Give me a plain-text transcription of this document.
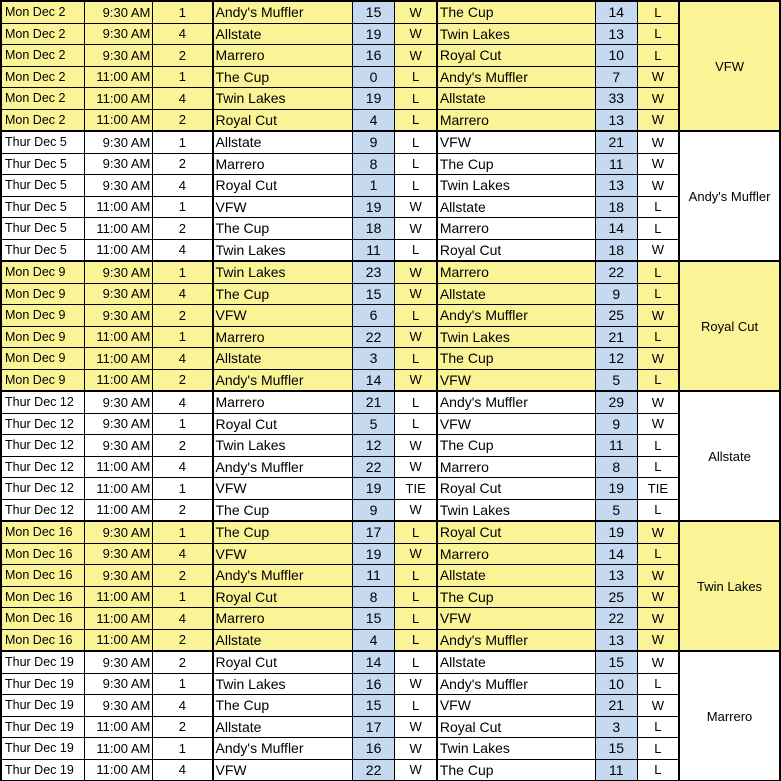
Mon Dec 2	9:30 AM	1	Andy's Muffler	15	W	The Cup	14	L	VFW
Mon Dec 2	9:30 AM	4	Allstate	19	W	Twin Lakes	13	L	
Mon Dec 2	9:30 AM	2	Marrero	16	W	Royal Cut	10	L	
Mon Dec 2	11:00 AM	1	The Cup	0	L	Andy's Muffler	7	W	
Mon Dec 2	11:00 AM	4	Twin Lakes	19	L	Allstate	33	W	
Mon Dec 2	11:00 AM	2	Royal Cut	4	L	Marrero	13	W	
Thur Dec 5	9:30 AM	1	Allstate	9	L	VFW	21	W	Andy's Muffler
Thur Dec 5	9:30 AM	2	Marrero	8	L	The Cup	11	W	
Thur Dec 5	9:30 AM	4	Royal Cut	1	L	Twin Lakes	13	W	
Thur Dec 5	11:00 AM	1	VFW	19	W	Allstate	18	L	
Thur Dec 5	11:00 AM	2	The Cup	18	W	Marrero	14	L	
Thur Dec 5	11:00 AM	4	Twin Lakes	11	L	Royal Cut	18	W	
Mon Dec 9	9:30 AM	1	Twin Lakes	23	W	Marrero	22	L	Royal Cut
Mon Dec 9	9:30 AM	4	The Cup	15	W	Allstate	9	L	
Mon Dec 9	9:30 AM	2	VFW	6	L	Andy's Muffler	25	W	
Mon Dec 9	11:00 AM	1	Marrero	22	W	Twin Lakes	21	L	
Mon Dec 9	11:00 AM	4	Allstate	3	L	The Cup	12	W	
Mon Dec 9	11:00 AM	2	Andy's Muffler	14	W	VFW	5	L	
Thur Dec 12	9:30 AM	4	Marrero	21	L	Andy's Muffler	29	W	Allstate
Thur Dec 12	9:30 AM	1	Royal Cut	5	L	VFW	9	W	
Thur Dec 12	9:30 AM	2	Twin Lakes	12	W	The Cup	11	L	
Thur Dec 12	11:00 AM	4	Andy's Muffler	22	W	Marrero	8	L	
Thur Dec 12	11:00 AM	1	VFW	19	TIE	Royal Cut	19	TIE	
Thur Dec 12	11:00 AM	2	The Cup	9	W	Twin Lakes	5	L	
Mon Dec 16	9:30 AM	1	The Cup	17	L	Royal Cut	19	W	Twin Lakes
Mon Dec 16	9:30 AM	4	VFW	19	W	Marrero	14	L	
Mon Dec 16	9:30 AM	2	Andy's Muffler	11	L	Allstate	13	W	
Mon Dec 16	11:00 AM	1	Royal Cut	8	L	The Cup	25	W	
Mon Dec 16	11:00 AM	4	Marrero	15	L	VFW	22	W	
Mon Dec 16	11:00 AM	2	Allstate	4	L	Andy's Muffler	13	W	
Thur Dec 19	9:30 AM	2	Royal Cut	14	L	Allstate	15	W	Marrero
Thur Dec 19	9:30 AM	1	Twin Lakes	16	W	Andy's Muffler	10	L	
Thur Dec 19	9:30 AM	4	The Cup	15	L	VFW	21	W	
Thur Dec 19	11:00 AM	2	Allstate	17	W	Royal Cut	3	L	
Thur Dec 19	11:00 AM	1	Andy's Muffler	16	W	Twin Lakes	15	L	
Thur Dec 19	11:00 AM	4	VFW	22	W	The Cup	11	L	
